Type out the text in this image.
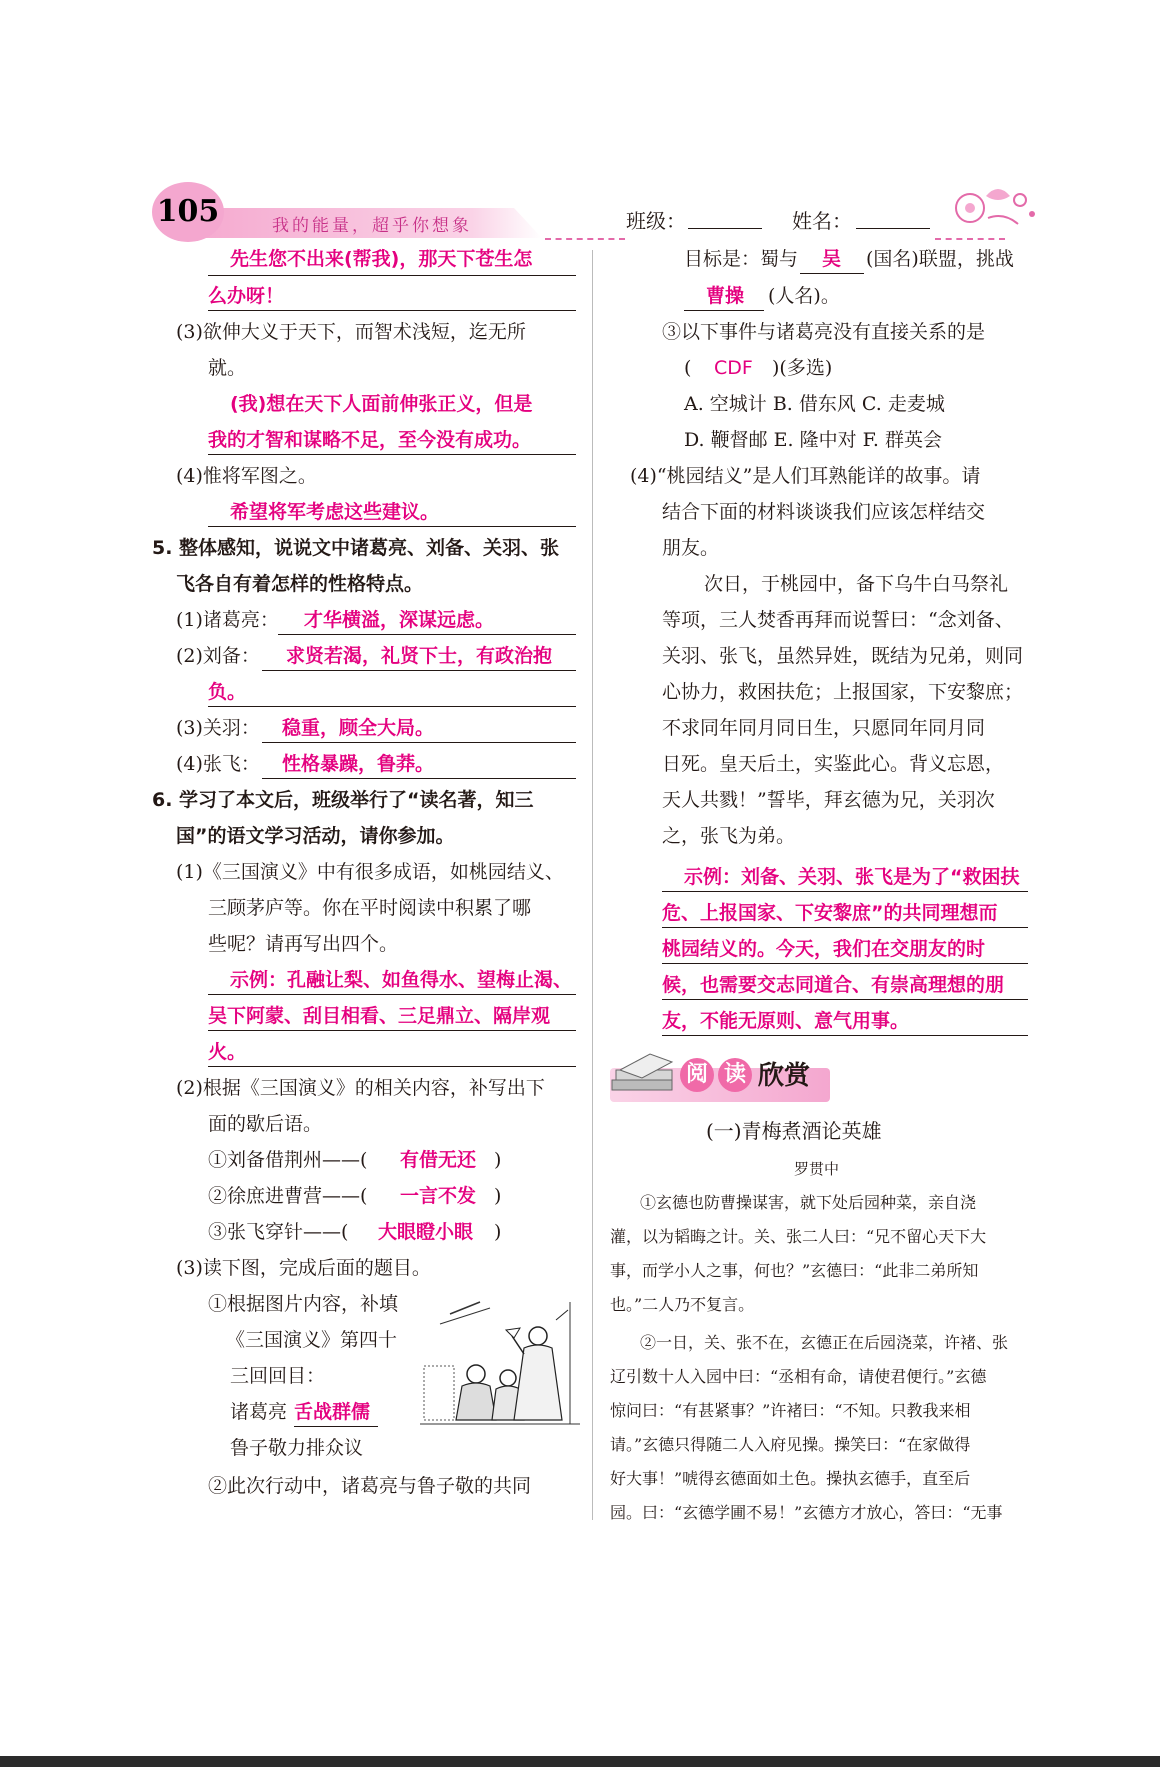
105	我的能量，超乎你想象	班级：	姓名：
先生您不出来(帮我)，那天下苍生怎
么办呀！
(3)欲伸大义于天下，而智术浅短，迄无所
就。
(我)想在天下人面前伸张正义，但是
我的才智和谋略不足，至今没有成功。
(4)惟将军图之。
希望将军考虑这些建议。
5. 整体感知，说说文中诸葛亮、刘备、关羽、张
飞各自有着怎样的性格特点。
(1)诸葛亮： 才华横溢，深谋远虑。
(2)刘备： 求贤若渴，礼贤下士，有政治抱
负。
(3)关羽： 稳重，顾全大局。
(4)张飞： 性格暴躁，鲁莽。
6. 学习了本文后，班级举行了“读名著，知三
国”的语文学习活动，请你参加。
(1)《三国演义》中有很多成语，如桃园结义、
三顾茅庐等。你在平时阅读中积累了哪
些呢？请再写出四个。
示例：孔融让梨、如鱼得水、望梅止渴、
吴下阿蒙、刮目相看、三足鼎立、隔岸观
火。
(2)根据《三国演义》的相关内容，补写出下
面的歇后语。
①刘备借荆州——( 有借无还 )
②徐庶进曹营——( 一言不发 )
③张飞穿针——( 大眼瞪小眼 )
(3)读下图，完成后面的题目。
①根据图片内容，补填
《三国演义》第四十
三回回目：
诸葛亮 舌战群儒
鲁子敬力排众议
②此次行动中，诸葛亮与鲁子敬的共同
目标是：蜀与 吴 (国名)联盟，挑战
曹操 (人名)。
③以下事件与诸葛亮没有直接关系的是
( CDF )(多选)
A. 空城计 B. 借东风 C. 走麦城
D. 鞭督邮 E. 隆中对 F. 群英会
(4)“桃园结义”是人们耳熟能详的故事。请
结合下面的材料谈谈我们应该怎样结交
朋友。
次日，于桃园中，备下乌牛白马祭礼
等项，三人焚香再拜而说誓曰：“念刘备、
关羽、张飞，虽然异姓，既结为兄弟，则同
心协力，救困扶危；上报国家，下安黎庶；
不求同年同月同日生，只愿同年同月同
日死。皇天后土，实鉴此心。背义忘恩，
天人共戮！”誓毕，拜玄德为兄，关羽次
之，张飞为弟。
示例：刘备、关羽、张飞是为了“救困扶
危、上报国家、下安黎庶”的共同理想而
桃园结义的。今天，我们在交朋友的时
候，也需要交志同道合、有崇高理想的朋
友，不能无原则、意气用事。
阅 读 欣赏
(一)青梅煮酒论英雄
罗贯中
①玄德也防曹操谋害，就下处后园种菜，亲自浇
灌，以为韬晦之计。关、张二人曰：“兄不留心天下大
事，而学小人之事，何也？”玄德曰：“此非二弟所知
也。”二人乃不复言。
②一日，关、张不在，玄德正在后园浇菜，许褚、张
辽引数十人入园中曰：“丞相有命，请使君便行。”玄德
惊问曰：“有甚紧事？”许褚曰：“不知。只教我来相
请。”玄德只得随二人入府见操。操笑曰：“在家做得
好大事！”唬得玄德面如土色。操执玄德手，直至后
园。曰：“玄德学圃不易！”玄德方才放心，答曰：“无事
